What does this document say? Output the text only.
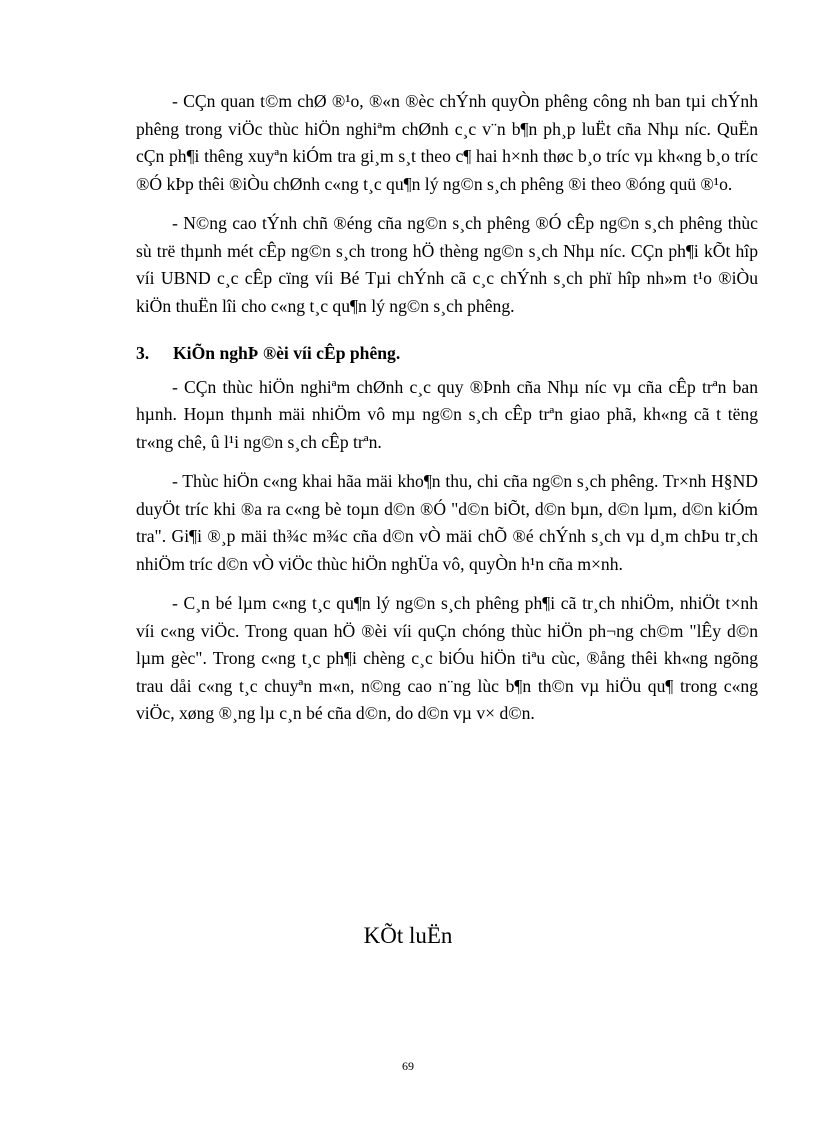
- CÇn quan t©m chØ ®¹o, ®«n ®èc chÝnh quyÒn phêng công nh ban tµi chÝnh phêng trong viÖc thùc hiÖn nghiªm chØnh c¸c v¨n b¶n ph¸p luËt cña Nhµ níc. QuËn cÇn ph¶i thêng xuyªn kiÓm tra gi¸m s¸t theo c¶ hai h×nh thøc b¸o tríc vµ kh«ng b¸o tríc ®Ó kÞp thêi ®iÒu chØnh c«ng t¸c qu¶n lý ng©n s¸ch phêng ®i theo ®óng quü ®¹o.

- N©ng cao tÝnh chñ ®éng cña ng©n s¸ch phêng ®Ó cÊp ng©n s¸ch phêng thùc sù trë thµnh mét cÊp ng©n s¸ch trong hÖ thèng ng©n s¸ch Nhµ níc. CÇn ph¶i kÕt hîp víi UBND c¸c cÊp cïng víi Bé Tµi chÝnh cã c¸c chÝnh s¸ch phï hîp nh»m t¹o ®iÒu kiÖn thuËn lîi cho c«ng t¸c qu¶n lý ng©n s¸ch phêng.

3. KiÕn nghÞ ®èi víi cÊp phêng.

- CÇn thùc hiÖn nghiªm chØnh c¸c quy ®Þnh cña Nhµ níc vµ cña cÊp trªn ban hµnh. Hoµn thµnh mäi nhiÖm vô mµ ng©n s¸ch cÊp trªn giao phã, kh«ng cã t tëng tr«ng chê, û l¹i ng©n s¸ch cÊp trªn.

- Thùc hiÖn c«ng khai hãa mäi kho¶n thu, chi cña ng©n s¸ch phêng. Tr×nh H§ND duyÖt tríc khi ®a ra c«ng bè toµn d©n ®Ó "d©n biÕt, d©n bµn, d©n lµm, d©n kiÓm tra". Gi¶i ®¸p mäi th¾c m¾c cña d©n vÒ mäi chÕ ®é chÝnh s¸ch vµ d¸m chÞu tr¸ch nhiÖm tríc d©n vÒ viÖc thùc hiÖn nghÜa vô, quyÒn h¹n cña m×nh.

- C¸n bé lµm c«ng t¸c qu¶n lý ng©n s¸ch phêng ph¶i cã tr¸ch nhiÖm, nhiÖt t×nh víi c«ng viÖc. Trong quan hÖ ®èi víi quÇn chóng thùc hiÖn ph¬ng ch©m "lÊy d©n lµm gèc". Trong c«ng t¸c ph¶i chèng c¸c biÓu hiÖn tiªu cùc, ®ång thêi kh«ng ngõng trau dåi c«ng t¸c chuyªn m«n, n©ng cao n¨ng lùc b¶n th©n vµ hiÖu qu¶ trong c«ng viÖc, xøng ®¸ng lµ c¸n bé cña d©n, do d©n vµ v× d©n.

KÕt luËn

69
